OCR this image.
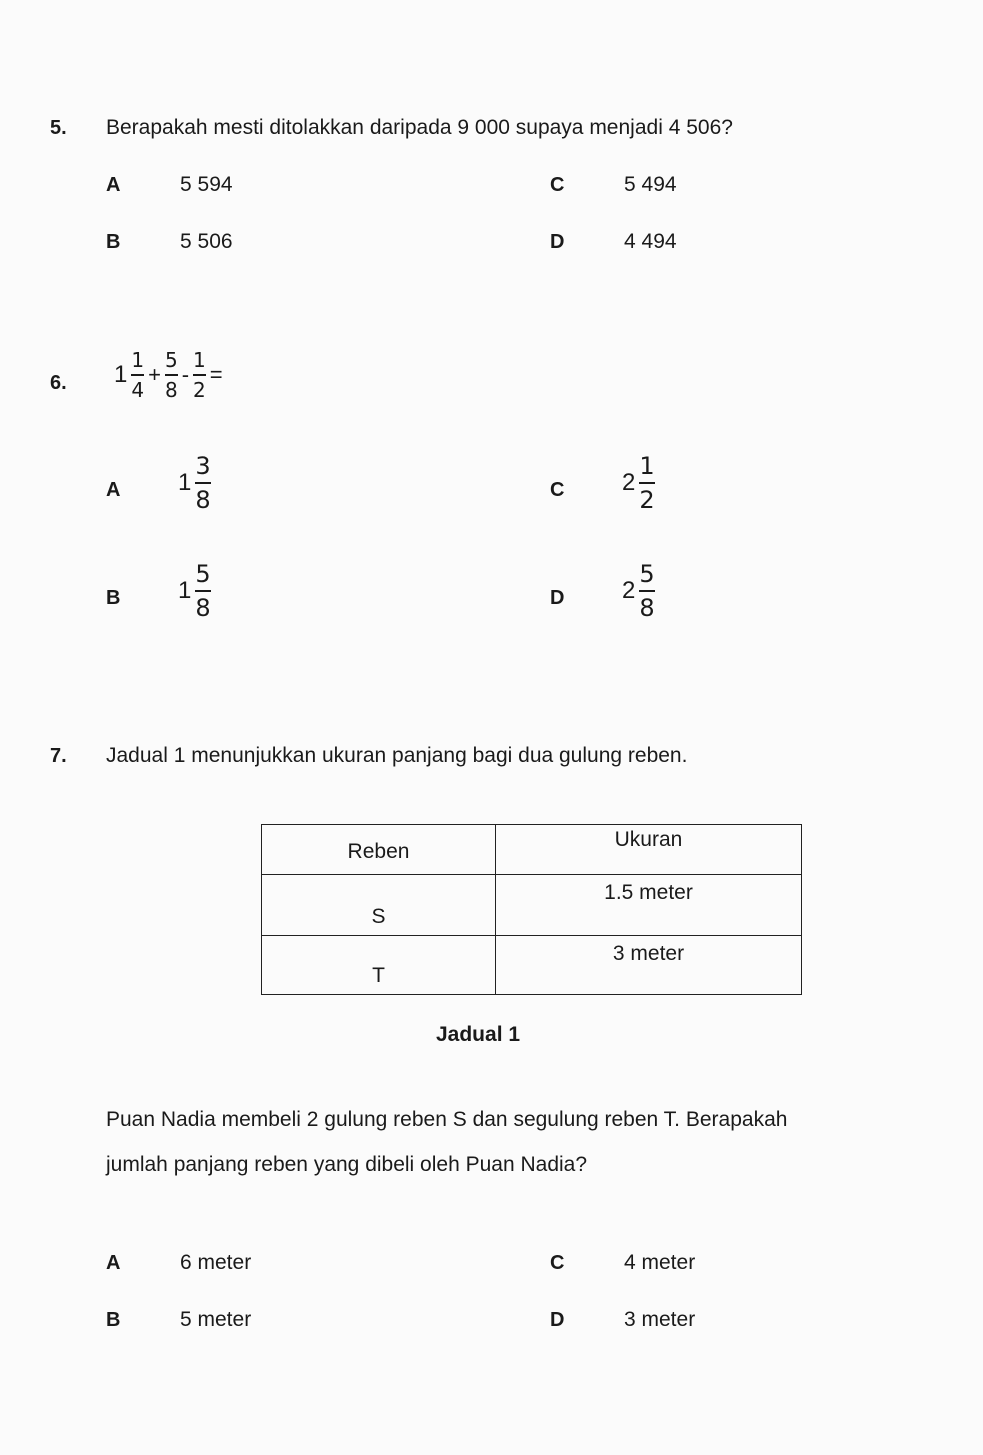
5. Berapakah mesti ditolakkan daripada 9 000 supaya menjadi 4 506?
A	5 594	C	5 494
B	5 506	D	4 494
6. $1 \frac{1}{4} + \frac{5}{8} - \frac{1}{2}$ =
A $1 \frac{3}{8}$	C $2 \frac{1}{2}$
B $1 \frac{5}{8}$	D $2 \frac{5}{8}$
7. Jadual 1 menunjukkan ukuran panjang bagi dua gulung reben.
Reben	Ukuran
S	1.5 meter
T	3 meter
Jadual 1
Puan Nadia membeli 2 gulung reben S dan segulung reben T. Berapakah
jumlah panjang reben yang dibeli oleh Puan Nadia?
A	6 meter	C	4 meter
B	5 meter	D	3 meter
